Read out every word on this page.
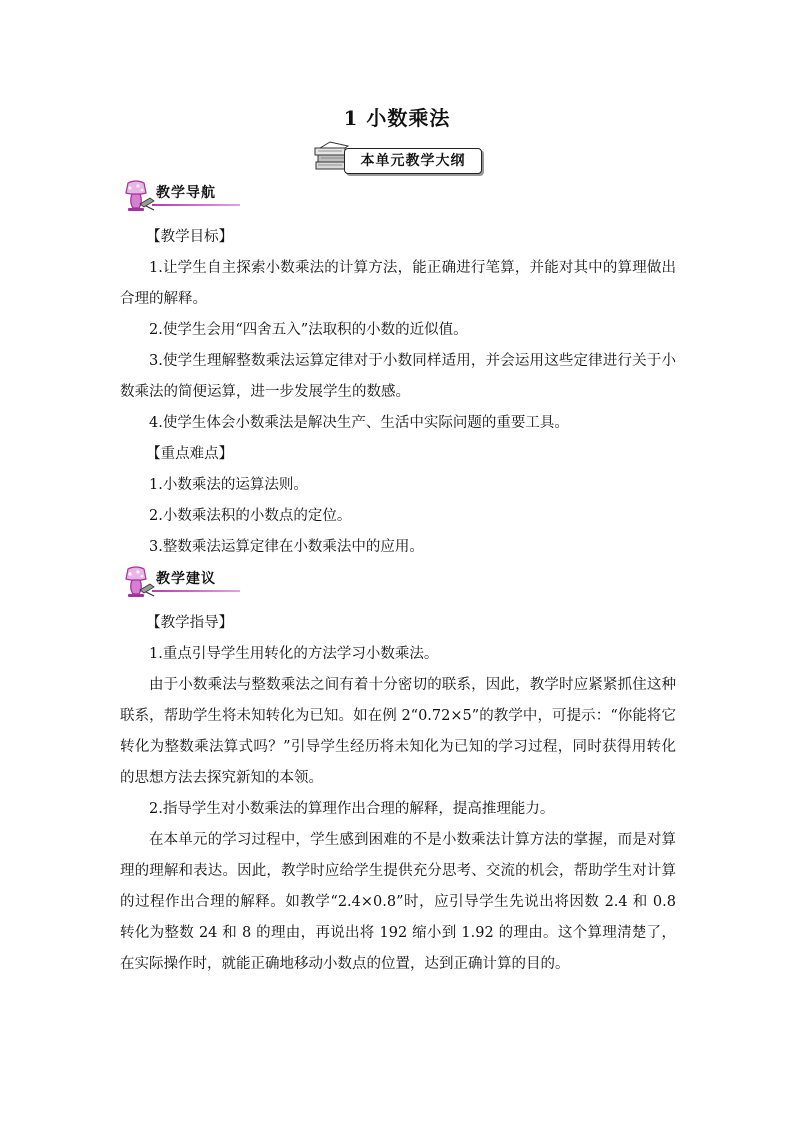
1 小数乘法
本单元教学大纲
教学导航

【教学目标】

1.让学生自主探索小数乘法的计算方法，能正确进行笔算，并能对其中的算理做出合理的解释。

2.使学生会用“四舍五入”法取积的小数的近似值。

3.使学生理解整数乘法运算定律对于小数同样适用，并会运用这些定律进行关于小数乘法的简便运算，进一步发展学生的数感。

4.使学生体会小数乘法是解决生产、生活中实际问题的重要工具。

【重点难点】

1.小数乘法的运算法则。

2.小数乘法积的小数点的定位。

3.整数乘法运算定律在小数乘法中的应用。

教学建议

【教学指导】

1.重点引导学生用转化的方法学习小数乘法。

由于小数乘法与整数乘法之间有着十分密切的联系，因此，教学时应紧紧抓住这种联系，帮助学生将未知转化为已知。如在例 2“0.72×5”的教学中，可提示：“你能将它转化为整数乘法算式吗？”引导学生经历将未知化为已知的学习过程，同时获得用转化的思想方法去探究新知的本领。

2.指导学生对小数乘法的算理作出合理的解释，提高推理能力。

在本单元的学习过程中，学生感到困难的不是小数乘法计算方法的掌握，而是对算理的理解和表达。因此，教学时应给学生提供充分思考、交流的机会，帮助学生对计算的过程作出合理的解释。如教学“2.4×0.8”时，应引导学生先说出将因数 2.4 和 0.8 转化为整数 24 和 8 的理由，再说出将 192 缩小到 1.92 的理由。这个算理清楚了，在实际操作时，就能正确地移动小数点的位置，达到正确计算的目的。
